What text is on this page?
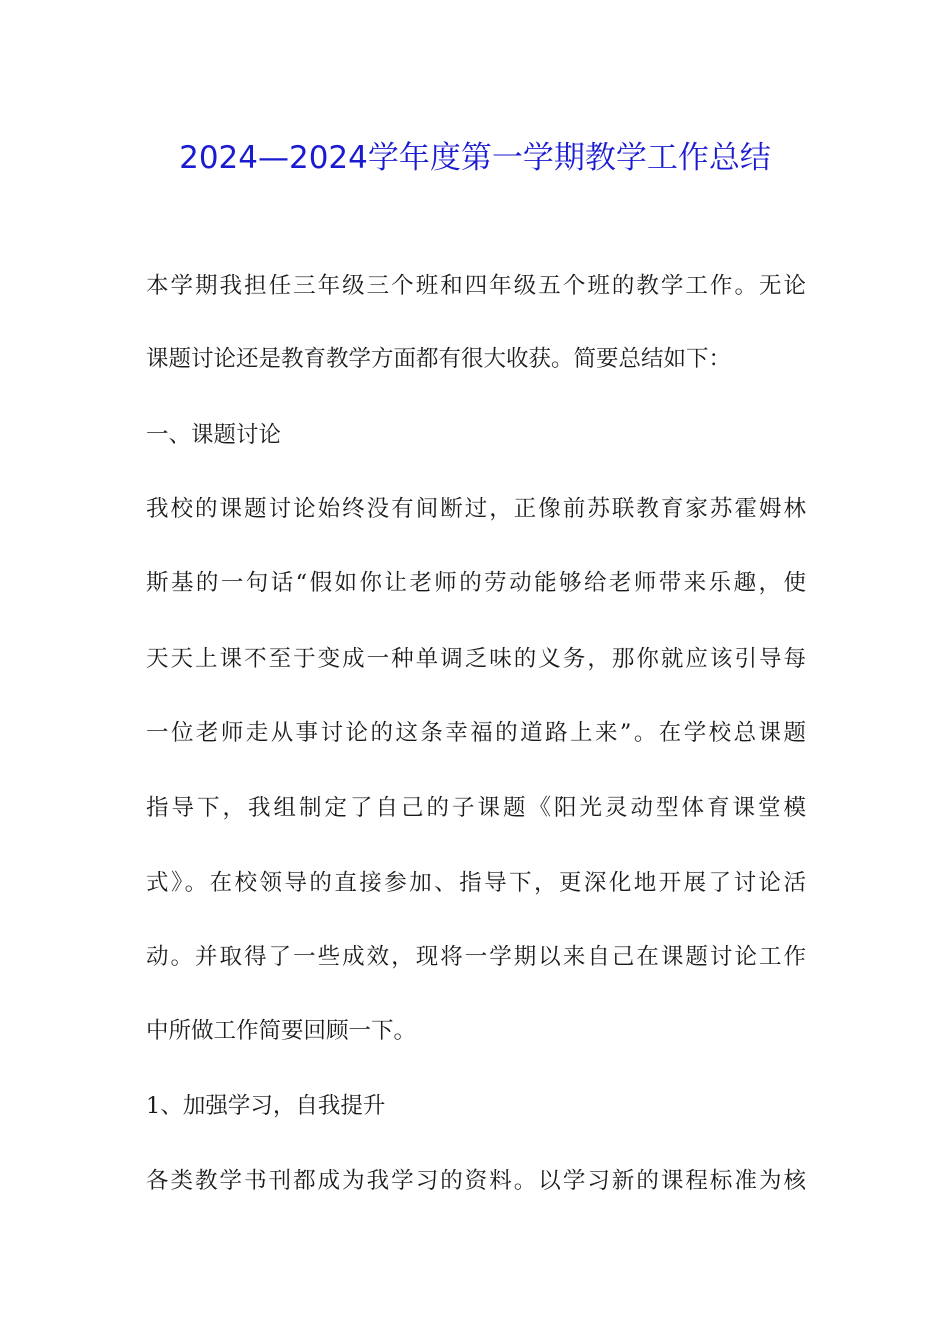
2024—2024学年度第一学期教学工作总结
本学期我担任三年级三个班和四年级五个班的教学工作。无论
课题讨论还是教育教学方面都有很大收获。简要总结如下：
一、课题讨论
我校的课题讨论始终没有间断过，正像前苏联教育家苏霍姆林
斯基的一句话“假如你让老师的劳动能够给老师带来乐趣，使
天天上课不至于变成一种单调乏味的义务，那你就应该引导每
一位老师走从事讨论的这条幸福的道路上来”。在学校总课题
指导下，我组制定了自己的子课题《阳光灵动型体育课堂模
式》。在校领导的直接参加、指导下，更深化地开展了讨论活
动。并取得了一些成效，现将一学期以来自己在课题讨论工作
中所做工作简要回顾一下。
1、加强学习，自我提升
各类教学书刊都成为我学习的资料。以学习新的课程标准为核
